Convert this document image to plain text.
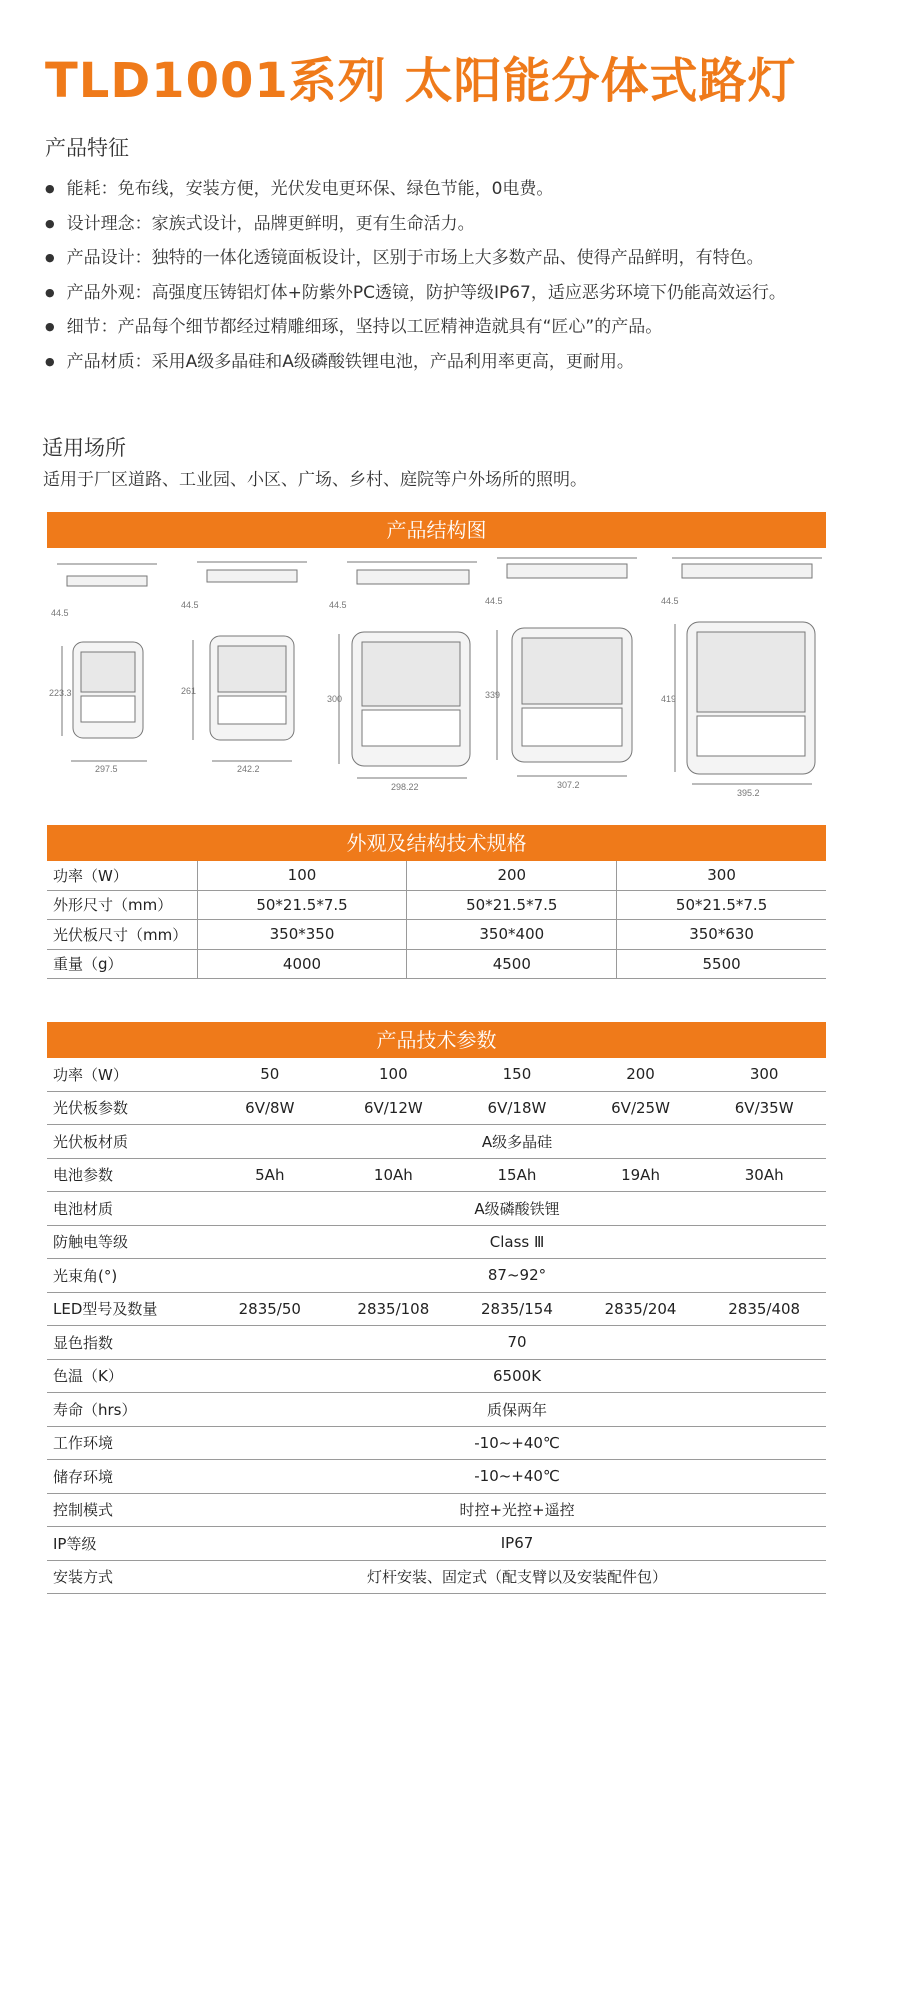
TLD1001系列 太阳能分体式路灯
产品特征
● 能耗：免布线，安装方便，光伏发电更环保、绿色节能，0电费。
● 设计理念：家族式设计，品牌更鲜明，更有生命活力。
● 产品设计：独特的一体化透镜面板设计，区别于市场上大多数产品、使得产品鲜明，有特色。
● 产品外观：高强度压铸铝灯体+防紫外PC透镜，防护等级IP67，适应恶劣环境下仍能高效运行。
● 细节：产品每个细节都经过精雕细琢，坚持以工匠精神造就具有“匠心”的产品。
● 产品材质：采用A级多晶硅和A级磷酸铁锂电池，产品利用率更高，更耐用。
适用场所
适用于厂区道路、工业园、小区、广场、乡村、庭院等户外场所的照明。
产品结构图
44.5
223.3
297.5
44.5
261
242.2
44.5
300
298.22
44.5
339
307.2
44.5
419
395.2
外观及结构技术规格
功率（W）	100	200	300
外形尺寸（mm）	50*21.5*7.5	50*21.5*7.5	50*21.5*7.5
光伏板尺寸（mm）	350*350	350*400	350*630
重量（g）	4000	4500	5500
产品技术参数
功率（W）	50	100	150	200	300
光伏板参数	6V/8W	6V/12W	6V/18W	6V/25W	6V/35W
光伏板材质	A级多晶硅				
电池参数	5Ah	10Ah	15Ah	19Ah	30Ah
电池材质	A级磷酸铁锂				
防触电等级	Class Ⅲ				
光束角(°)	87~92°				
LED型号及数量	2835/50	2835/108	2835/154	2835/204	2835/408
显色指数	70				
色温（K）	6500K				
寿命（hrs）	质保两年				
工作环境	-10~+40℃				
储存环境	-10~+40℃				
控制模式	时控+光控+遥控				
IP等级	IP67				
安装方式	灯杆安装、固定式（配支臂以及安装配件包）				
